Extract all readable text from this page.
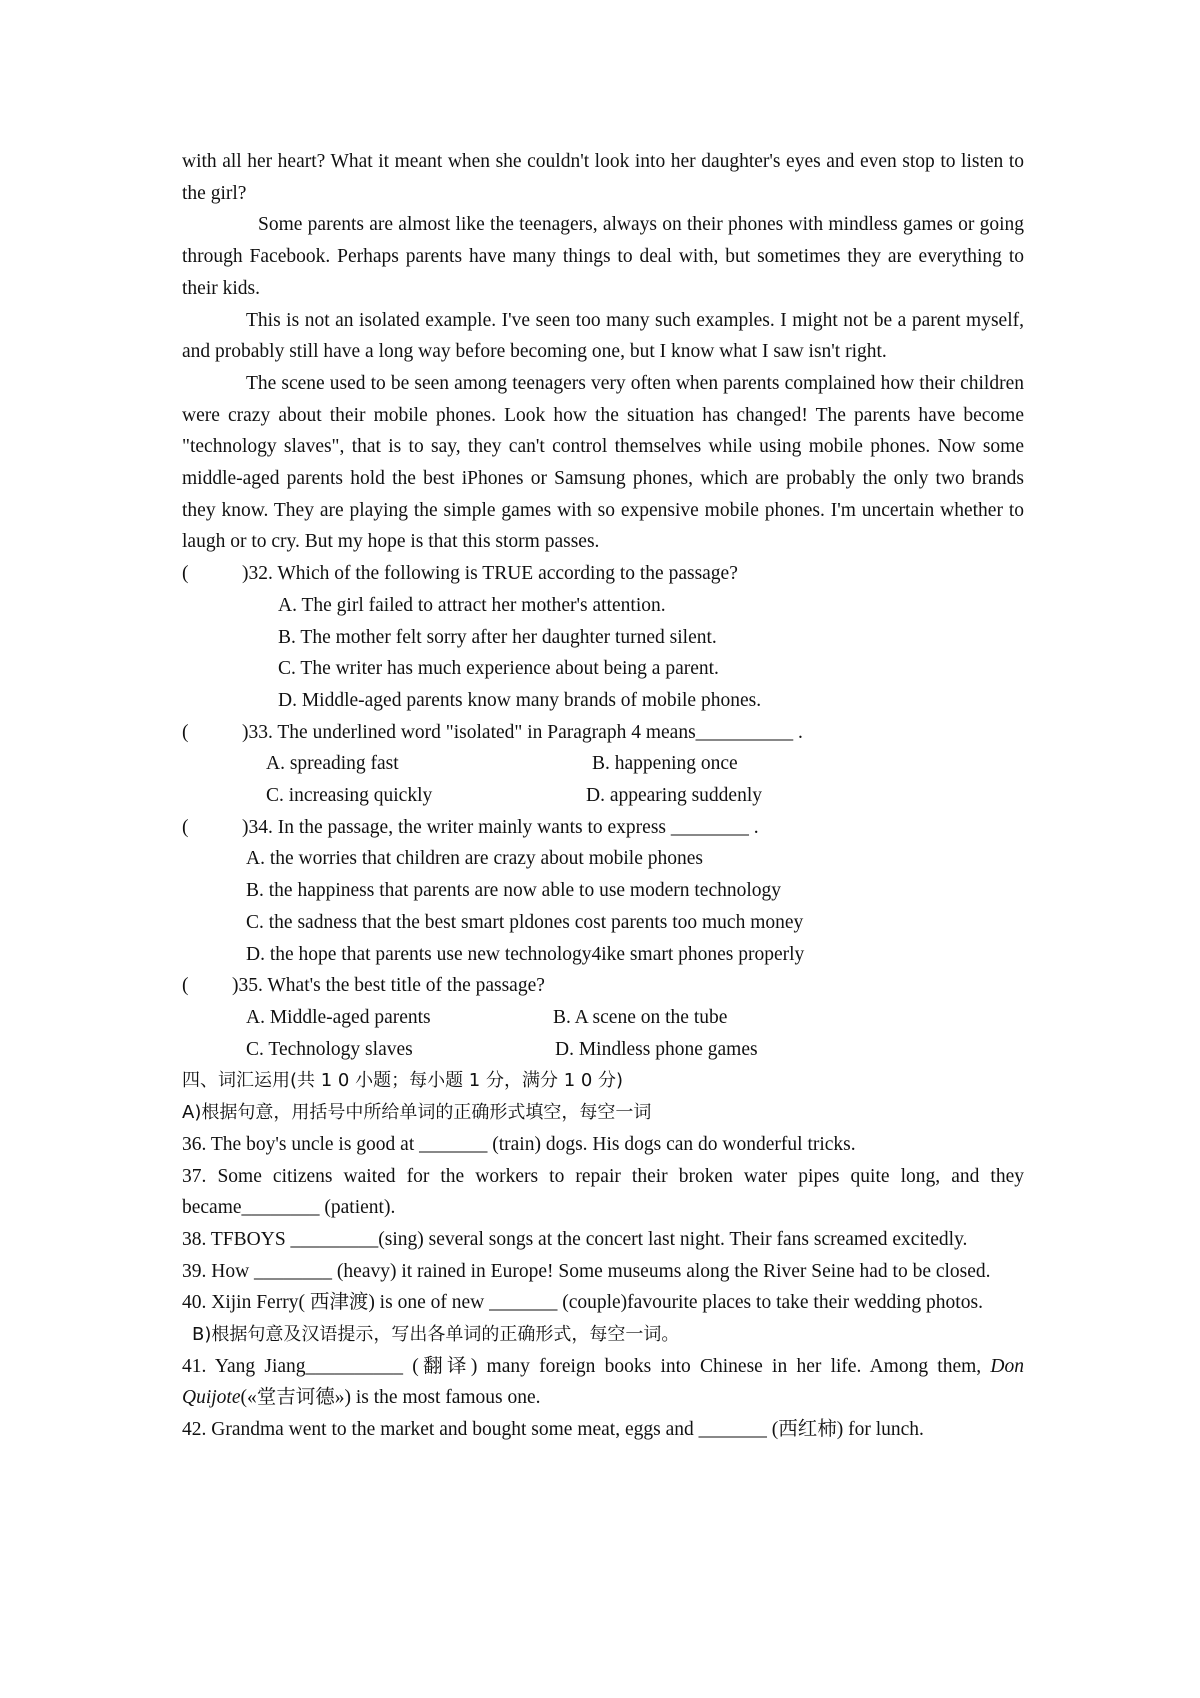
with all her heart? What it meant when she couldn't look into her daughter's eyes and even stop to listen to the girl?

Some parents are almost like the teenagers, always on their phones with mindless games or going through Facebook. Perhaps parents have many things to deal with, but sometimes they are everything to their kids.

This is not an isolated example. I've seen too many such examples. I might not be a parent myself, and probably still have a long way before becoming one, but I know what I saw isn't right.

The scene used to be seen among teenagers very often when parents complained how their children were crazy about their mobile phones. Look how the situation has changed! The parents have become "technology slaves", that is to say, they can't control themselves while using mobile phones. Now some middle-aged parents hold the best iPhones or Samsung phones, which are probably the only two brands they know. They are playing the simple games with so expensive mobile phones. I'm uncertain whether to laugh or to cry. But my hope is that this storm passes.

(	)32. Which of the following is TRUE according to the passage?

A. The girl failed to attract her mother's attention.

B. The mother felt sorry after her daughter turned silent.

C. The writer has much experience about being a parent.

D. Middle-aged parents know many brands of mobile phones.

(	)33. The underlined word "isolated" in Paragraph 4 means__________ .

A. spreading fast	B. happening once

C. increasing quickly	D. appearing suddenly

(	)34. In the passage, the writer mainly wants to express ________ .

A. the worries that children are crazy about mobile phones

B. the happiness that parents are now able to use modern technology

C. the sadness that the best smart pldones cost parents too much money

D. the hope that parents use new technology4ike smart phones properly

( )35. What's the best title of the passage?

A. Middle-aged parents	B. A scene on the tube

C. Technology slaves	D. Mindless phone games

四、词汇运用(共 1 0 小题；每小题 1 分，满分 1 0 分)

A)根据句意，用括号中所给单词的正确形式填空，每空一词

36. The boy's uncle is good at _______ (train) dogs. His dogs can do wonderful tricks.

37. Some citizens waited for the workers to repair their broken water pipes quite long, and they became________ (patient).

38. TFBOYS _________(sing) several songs at the concert last night. Their fans screamed excitedly.

39. How ________ (heavy) it rained in Europe! Some museums along the River Seine had to be closed.

40. Xijin Ferry( 西津渡) is one of new _______ (couple)favourite places to take their wedding photos.

B)根据句意及汉语提示，写出各单词的正确形式，每空一词。

41. Yang Jiang__________ (翻译) many foreign books into Chinese in her life. Among them, Don Quijote(«堂吉诃德») is the most famous one.

42. Grandma went to the market and bought some meat, eggs and _______ (西红柿) for lunch.
